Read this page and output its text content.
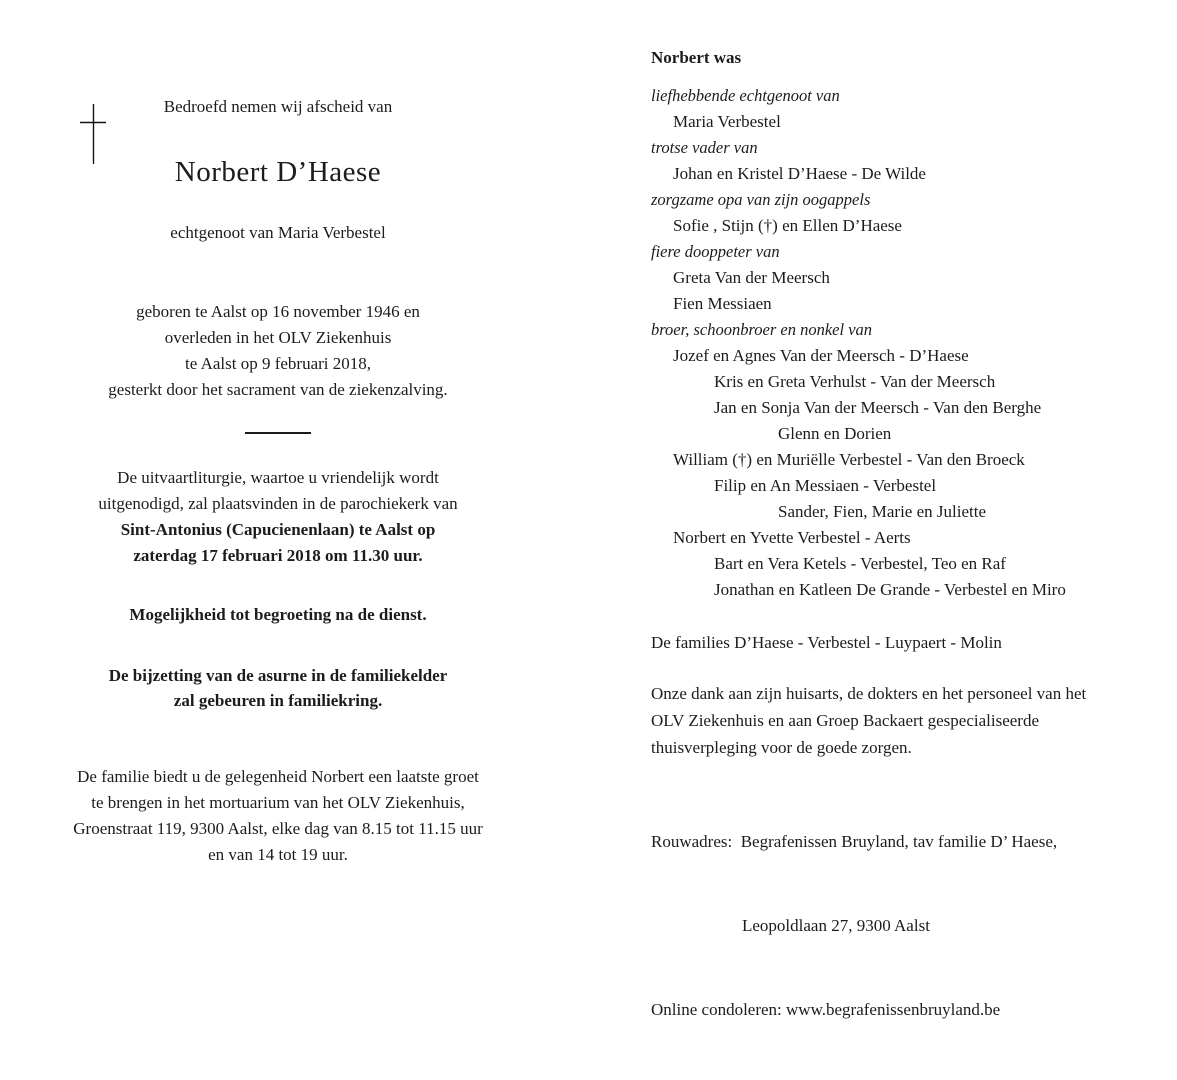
Bedroefd nemen wij afscheid van
Norbert D’Haese
echtgenoot van Maria Verbestel
geboren te Aalst op 16 november 1946 en
overleden in het OLV Ziekenhuis
te Aalst op 9 februari 2018,
gesterkt door het sacrament van de ziekenzalving.
De uitvaartliturgie, waartoe u vriendelijk wordt
uitgenodigd, zal plaatsvinden in de parochiekerk van
Sint-Antonius (Capucienenlaan) te Aalst op
zaterdag 17 februari 2018 om 11.30 uur.
Mogelijkheid tot begroeting na de dienst.
De bijzetting van de asurne in de familiekelder
zal gebeuren in familiekring.
De familie biedt u de gelegenheid Norbert een laatste groet
te brengen in het mortuarium van het OLV Ziekenhuis,
Groenstraat 119, 9300 Aalst, elke dag van 8.15 tot 11.15 uur
en van 14 tot 19 uur.
Norbert was
liefhebbende echtgenoot van
Maria Verbestel
trotse vader van
Johan en Kristel D’Haese - De Wilde
zorgzame opa van zijn oogappels
Sofie , Stijn (†) en Ellen D’Haese
fiere dooppeter van
Greta Van der Meersch
Fien Messiaen
broer, schoonbroer en nonkel van
Jozef en Agnes Van der Meersch - D’Haese
Kris en Greta Verhulst - Van der Meersch
Jan en Sonja Van der Meersch - Van den Berghe
Glenn en Dorien
William (†) en Muriëlle Verbestel - Van den Broeck
Filip en An Messiaen - Verbestel
Sander, Fien, Marie en Juliette
Norbert en Yvette Verbestel - Aerts
Bart en Vera Ketels - Verbestel, Teo en Raf
Jonathan en Katleen De Grande - Verbestel en Miro
De families D’Haese - Verbestel - Luypaert - Molin
Onze dank aan zijn huisarts, de dokters en het personeel van het
OLV Ziekenhuis en aan Groep Backaert gespecialiseerde
thuisverpleging voor de goede zorgen.

Rouwadres:  Begrafenissen Bruyland, tav familie D’ Haese,

Leopoldlaan 27, 9300 Aalst

Online condoleren: www.begrafenissenbruyland.be
